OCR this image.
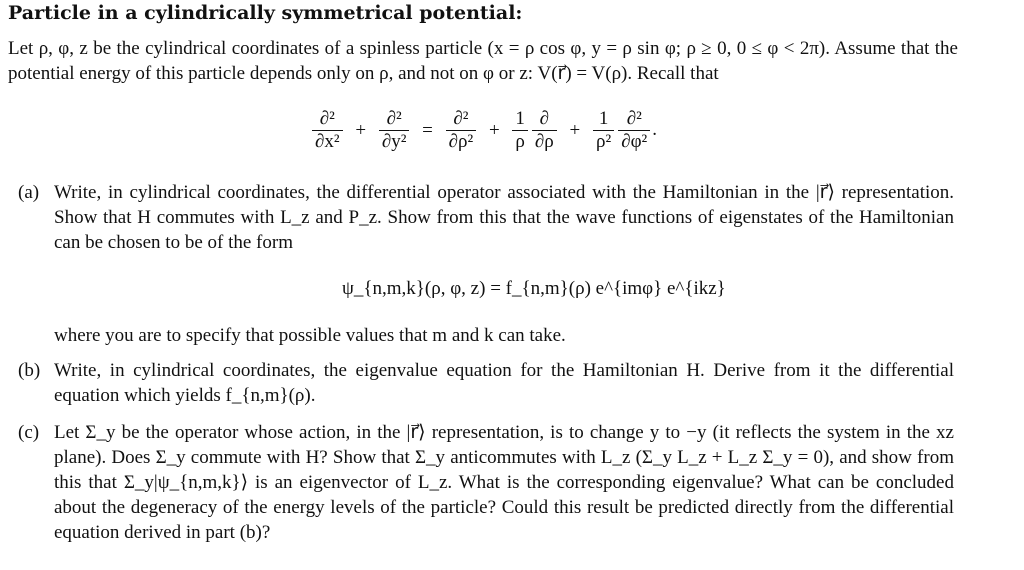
Particle in a cylindrically symmetrical potential:
Let ρ, φ, z be the cylindrical coordinates of a spinless particle (x = ρ cos φ, y = ρ sin φ; ρ ≥ 0, 0 ≤ φ < 2π). Assume that the potential energy of this particle depends only on ρ, and not on φ or z: V(r⃗) = V(ρ). Recall that
$\frac{\text{∂²}}{\text{∂x²}} + \frac{\text{∂²}}{\text{∂y²}} = \frac{\text{∂²}}{\text{∂ρ²}} + \frac{1}{\rho} \frac{\partial}{\partial\rho} + \frac{1}{\text{ρ²}} \frac{\text{∂²}}{\text{∂φ²}}$ .
(a) Write, in cylindrical coordinates, the differential operator associated with the Hamiltonian in the |r⃗⟩ representation. Show that H commutes with L_z and P_z. Show from this that the wave functions of eigenstates of the Hamiltonian can be chosen to be of the form
ψ_{n,m,k}(ρ, φ, z) = f_{n,m}(ρ) e^{imφ} e^{ikz}
where you are to specify that possible values that m and k can take.
(b) Write, in cylindrical coordinates, the eigenvalue equation for the Hamiltonian H. Derive from it the differential equation which yields f_{n,m}(ρ).
(c) Let Σ_y be the operator whose action, in the |r⃗⟩ representation, is to change y to −y (it reflects the system in the xz plane). Does Σ_y commute with H? Show that Σ_y anticommutes with L_z (Σ_y L_z + L_z Σ_y = 0), and show from this that Σ_y|ψ_{n,m,k}⟩ is an eigenvector of L_z. What is the corresponding eigenvalue? What can be concluded about the degeneracy of the energy levels of the particle? Could this result be predicted directly from the differential equation derived in part (b)?
